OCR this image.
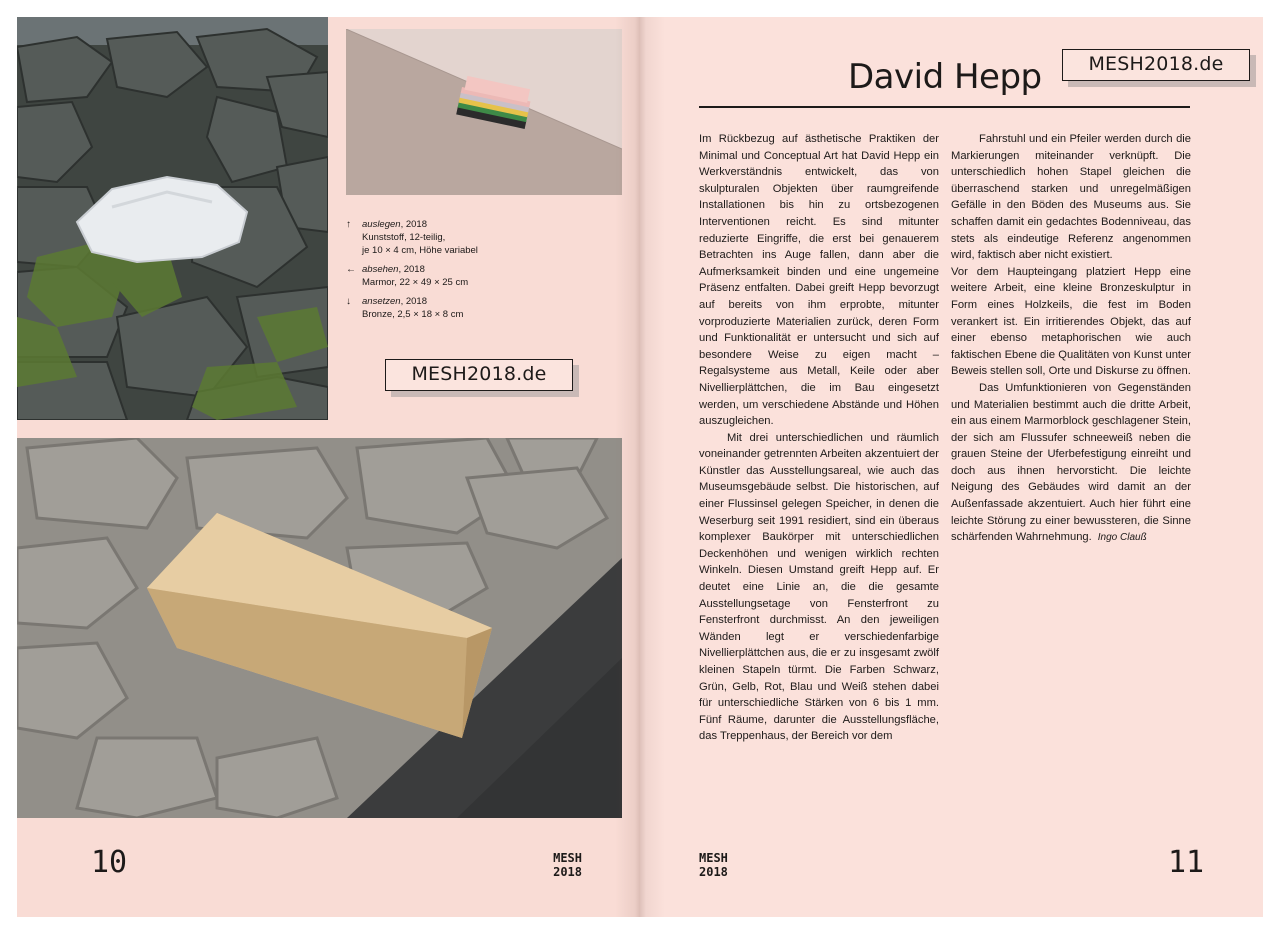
↑	auslegen, 2018
Kunststoff, 12-teilig,
je 10 × 4 cm, Höhe variabel
← absehen, 2018
Marmor, 22 × 49 × 25 cm
↓	ansetzen, 2018
Bronze, 2,5 × 18 × 8 cm
MESH2018.de
10	MESH
2018
David Hepp	MESH2018.de

Im Rückbezug auf ästhetische Praktiken der Minimal und Conceptual Art hat David Hepp ein Werkverständnis entwickelt, das von skulpturalen Objekten über raumgreifende Installationen bis hin zu ortsbezogenen Interventionen reicht. Es sind mitunter reduzierte Eingriffe, die erst bei genauerem Betrachten ins Auge fallen, dann aber die Aufmerksamkeit binden und eine ungemeine Präsenz entfalten. Dabei greift Hepp bevorzugt auf bereits von ihm erprobte, mitunter vorproduzierte Materialien zurück, deren Form und Funktionalität er untersucht und sich auf besondere Weise zu eigen macht – Regalsysteme aus Metall, Keile oder aber Nivellierplättchen, die im Bau eingesetzt werden, um verschiedene Abstände und Höhen auszugleichen.

Mit drei unterschiedlichen und räumlich voneinander getrennten Arbeiten akzentuiert der Künstler das Ausstellungsareal, wie auch das Museumsgebäude selbst. Die historischen, auf einer Flussinsel gelegen Speicher, in denen die Weserburg seit 1991 residiert, sind ein überaus komplexer Baukörper mit unterschiedlichen Deckenhöhen und wenigen wirklich rechten Winkeln. Diesen Umstand greift Hepp auf. Er deutet eine Linie an, die die gesamte Ausstellungsetage von Fensterfront zu Fensterfront durchmisst. An den jeweiligen Wänden legt er verschiedenfarbige Nivellierplättchen aus, die er zu insgesamt zwölf kleinen Stapeln türmt. Die Farben Schwarz, Grün, Gelb, Rot, Blau und Weiß stehen dabei für unterschiedliche Stärken von 6 bis 1 mm. Fünf Räume, darunter die Ausstellungsfläche, das Treppenhaus, der Bereich vor dem

Fahrstuhl und ein Pfeiler werden durch die Markierungen miteinander verknüpft. Die unterschiedlich hohen Stapel gleichen die überraschend starken und unregelmäßigen Gefälle in den Böden des Museums aus. Sie schaffen damit ein gedachtes Bodenniveau, das stets als eindeutige Referenz angenommen wird, faktisch aber nicht existiert.

Vor dem Haupteingang platziert Hepp eine weitere Arbeit, eine kleine Bronzeskulptur in Form eines Holzkeils, die fest im Boden verankert ist. Ein irritierendes Objekt, das auf einer ebenso metaphorischen wie auch faktischen Ebene die Qualitäten von Kunst unter Beweis stellen soll, Orte und Diskurse zu öffnen.

Das Umfunktionieren von Gegenständen und Materialien bestimmt auch die dritte Arbeit, ein aus einem Marmorblock geschlagener Stein, der sich am Flussufer schneeweiß neben die grauen Steine der Uferbefestigung einreiht und doch aus ihnen hervorsticht. Die leichte Neigung des Gebäudes wird damit an der Außenfassade akzentuiert. Auch hier führt eine leichte Störung zu einer bewussteren, die Sinne schärfenden Wahrnehmung. Ingo Clauß

MESH
2018	11
